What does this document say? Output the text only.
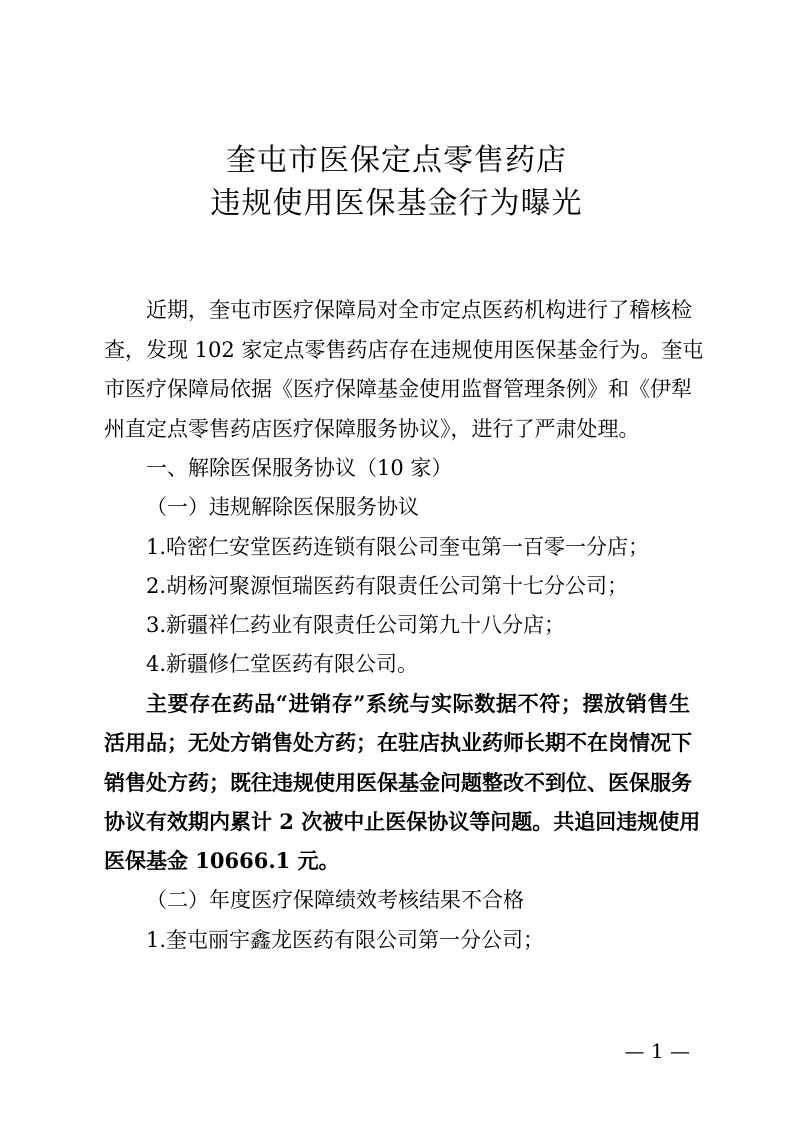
奎屯市医保定点零售药店
违规使用医保基金行为曝光
近期，奎屯市医疗保障局对全市定点医药机构进行了稽核检
查，发现 102 家定点零售药店存在违规使用医保基金行为。奎屯
市医疗保障局依据《医疗保障基金使用监督管理条例》和《伊犁
州直定点零售药店医疗保障服务协议》，进行了严肃处理。
一、解除医保服务协议（10 家）
（一）违规解除医保服务协议
1.哈密仁安堂医药连锁有限公司奎屯第一百零一分店；
2.胡杨河聚源恒瑞医药有限责任公司第十七分公司；
3.新疆祥仁药业有限责任公司第九十八分店；
4.新疆修仁堂医药有限公司。
主要存在药品“进销存”系统与实际数据不符；摆放销售生
活用品；无处方销售处方药；在驻店执业药师长期不在岗情况下
销售处方药；既往违规使用医保基金问题整改不到位、医保服务
协议有效期内累计 2 次被中止医保协议等问题。共追回违规使用
医保基金 10666.1 元。
（二）年度医疗保障绩效考核结果不合格
1.奎屯丽宇鑫龙医药有限公司第一分公司；
— 1 —
